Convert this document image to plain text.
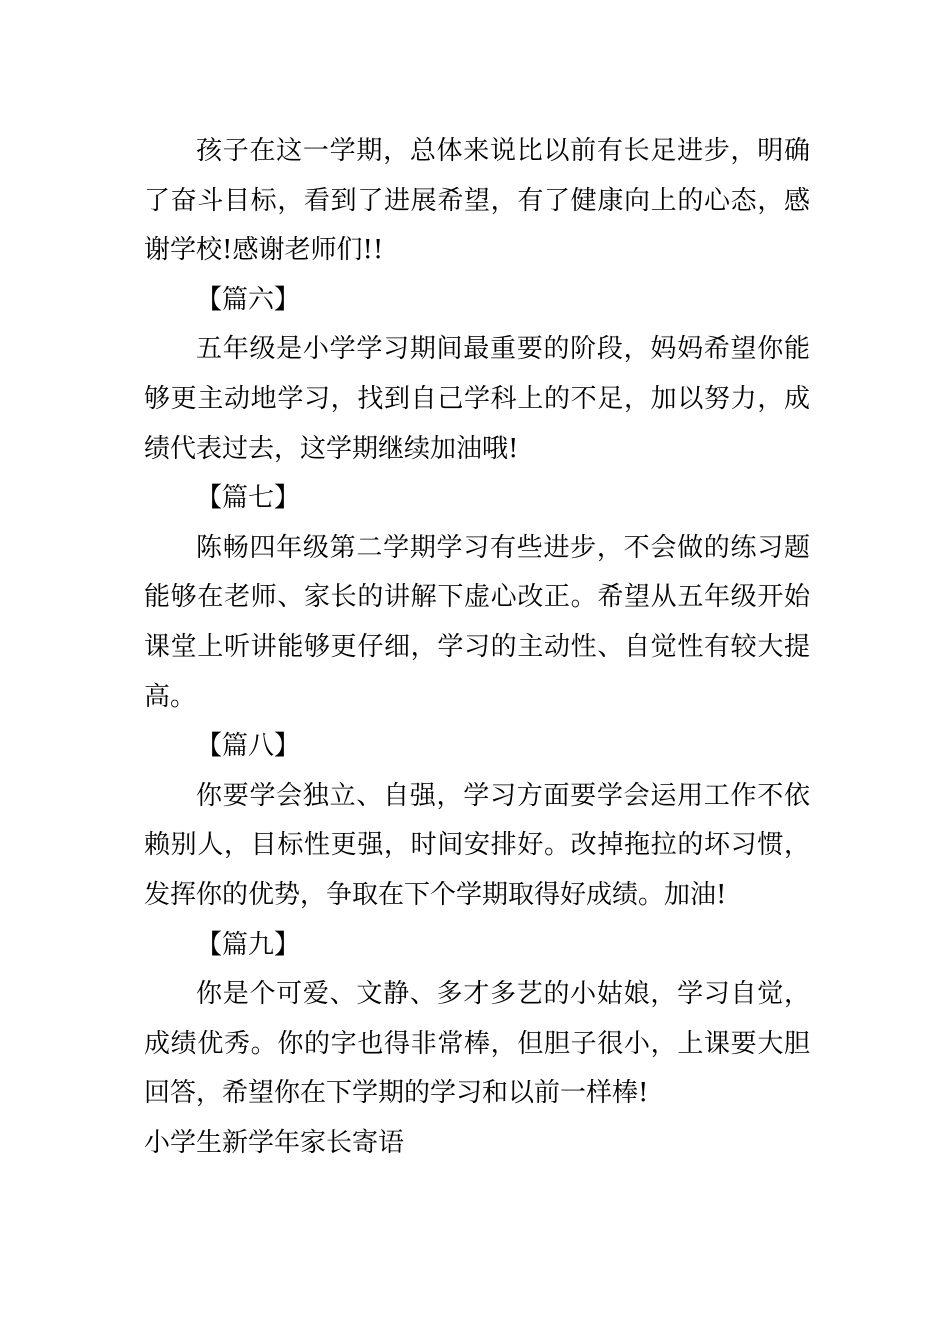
孩子在这一学期，总体来说比以前有长足进步，明确了奋斗目标，看到了进展希望，有了健康向上的心态，感谢学校!感谢老师们!!

【篇六】

五年级是小学学习期间最重要的阶段，妈妈希望你能够更主动地学习，找到自己学科上的不足，加以努力，成绩代表过去，这学期继续加油哦!

【篇七】

陈畅四年级第二学期学习有些进步，不会做的练习题能够在老师、家长的讲解下虚心改正。希望从五年级开始课堂上听讲能够更仔细，学习的主动性、自觉性有较大提高。

【篇八】

你要学会独立、自强，学习方面要学会运用工作不依赖别人，目标性更强，时间安排好。改掉拖拉的坏习惯，发挥你的优势，争取在下个学期取得好成绩。加油!

【篇九】

你是个可爱、文静、多才多艺的小姑娘，学习自觉，成绩优秀。你的字也得非常棒，但胆子很小，上课要大胆回答，希望你在下学期的学习和以前一样棒!

小学生新学年家长寄语
